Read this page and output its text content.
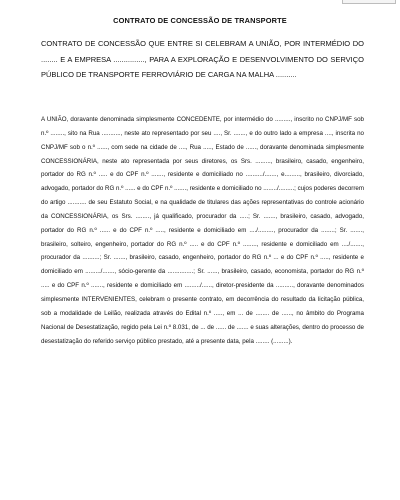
CONTRATO DE CONCESSÃO DE TRANSPORTE

CONTRATO DE CONCESSÃO QUE ENTRE SI CELEBRAM A UNIÃO, POR INTERMÉDIO DO ........ E A EMPRESA ..............., PARA A EXPLORAÇÃO E DESENVOLVIMENTO DO SERVIÇO PÚBLICO DE TRANSPORTE FERROVIÁRIO DE CARGA NA MALHA ..........

A UNIÃO, doravante denominada simplesmente CONCEDENTE, por intermédio do ........., inscrito no CNPJ/MF sob n.º ........, sito na Rua ..........., neste ato representado por seu ...., Sr. ......., e do outro lado a empresa ...., inscrita no CNPJ/MF sob o n.º ......, com sede na cidade de ...., Rua ....., Estado de ......, doravante denominada simplesmente CONCESSIONÁRIA, neste ato representada por seus diretores, os Srs. ........., brasileiro, casado, engenheiro, portador do RG n.º ..... e do CPF n.º ......., residente e domiciliado no ........../......., e........., brasileiro, divorciado, advogado, portador do RG n.º ...... e do CPF n.º ......., residente e domiciliado no ......../.........; cujos poderes decorrem do artigo ........... de seu Estatuto Social, e na qualidade de titulares das ações representativas do controle acionário da CONCESSIONÁRIA, os Srs. ........, já qualificado, procurador da .....; Sr. ......., brasileiro, casado, advogado, portador do RG n.º ...... e do CPF n.º ....., residente e domiciliado em ..../........., procurador da ........; Sr. ......., brasileiro, solteiro, engenheiro, portador do RG n.º ..... e do CPF n.º ........, residente e domiciliado em ..../......., procurador da ..........; Sr. ......., brasileiro, casado, engenheiro, portador do RG n.º ... e do CPF n.º ....., residente e domiciliado em ........./......., sócio-gerente da ...............; Sr. ......, brasileiro, casado, economista, portador do RG n.º ..... e do CPF n.º ......., residente e domiciliado em ........./......, diretor-presidente da .........., doravante denominados simplesmente INTERVENIENTES, celebram o presente contrato, em decorrência do resultado da licitação pública, sob a modalidade de Leilão, realizada através do Edital n.º ....., em ... de ........ de ......, no âmbito do Programa Nacional de Desestatização, regido pela Lei n.º 8.031, de ... de ...... de ....... e suas alterações, dentro do processo de desestatização do referido serviço público prestado, até a presente data, pela ........ (.........).
